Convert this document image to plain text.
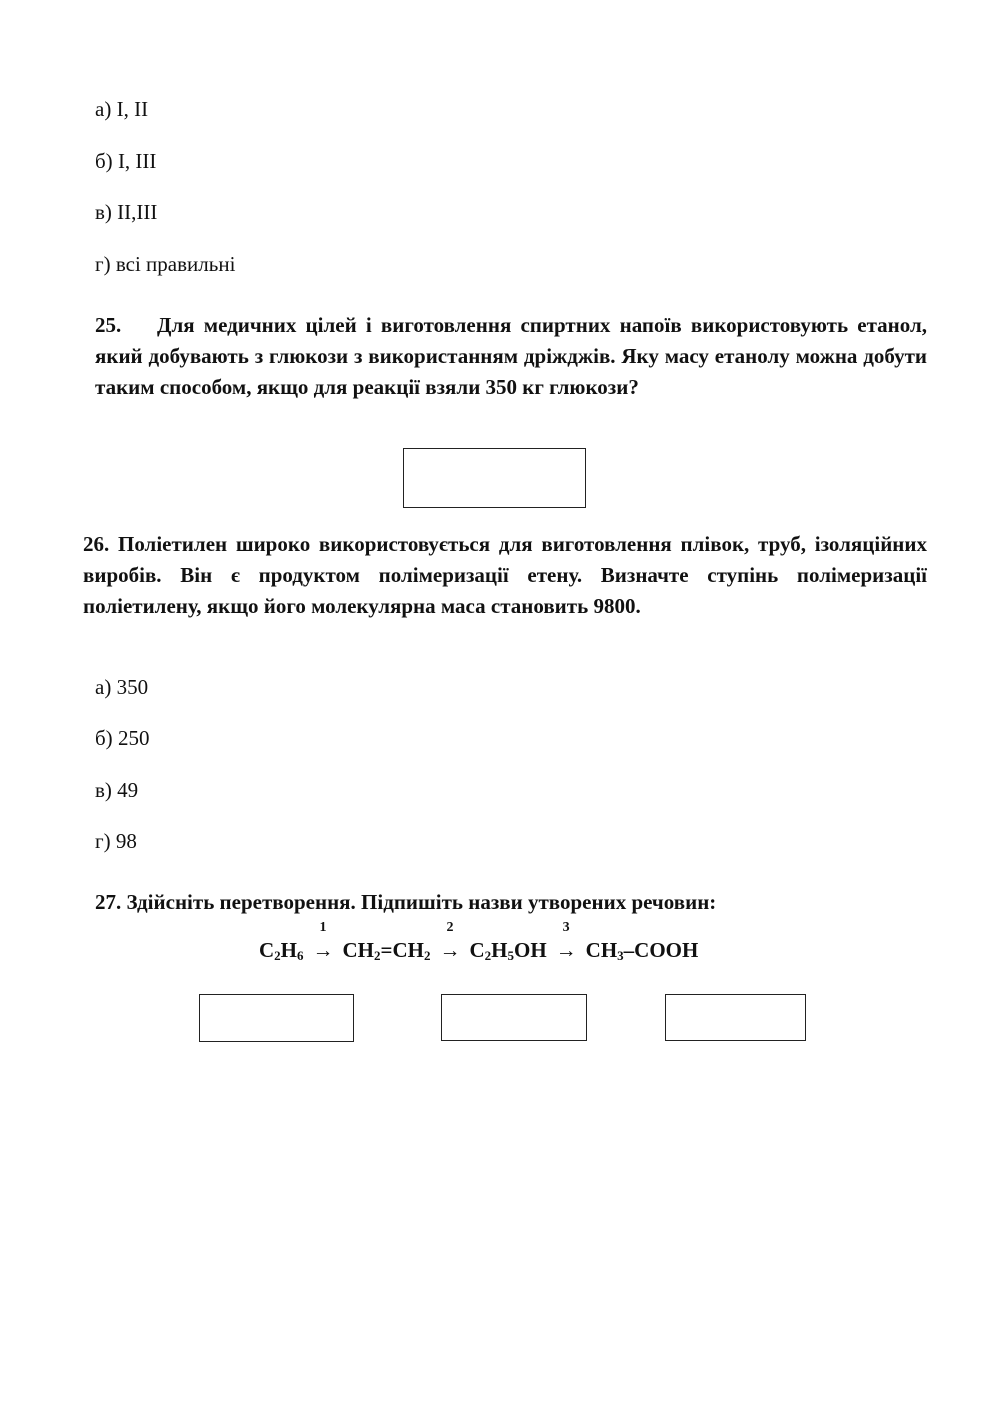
а) І, ІІ
б) І, ІІІ
в) ІІ,ІІІ
г) всі правильні
25. Для медичних цілей і виготовлення спиртних напоїв використовують етанол, який добувають з глюкози з використанням дріжджів. Яку масу етанолу можна добути таким способом, якщо для реакції взяли 350 кг глюкози?
26. Поліетилен широко використовується для виготовлення плівок, труб, ізоляційних виробів. Він є продуктом полімеризації етену. Визначте ступінь полімеризації поліетилену, якщо його молекулярна маса становить 9800.
а) 350
б) 250
в) 49
г) 98
27. Здійсніть перетворення. Підпишіть назви утворених речовин:
$C_2H_6$
1
→ $CH_2=CH_2$
2
→ $C_2H_5OH$
3
→ $CH_3$–COOH
